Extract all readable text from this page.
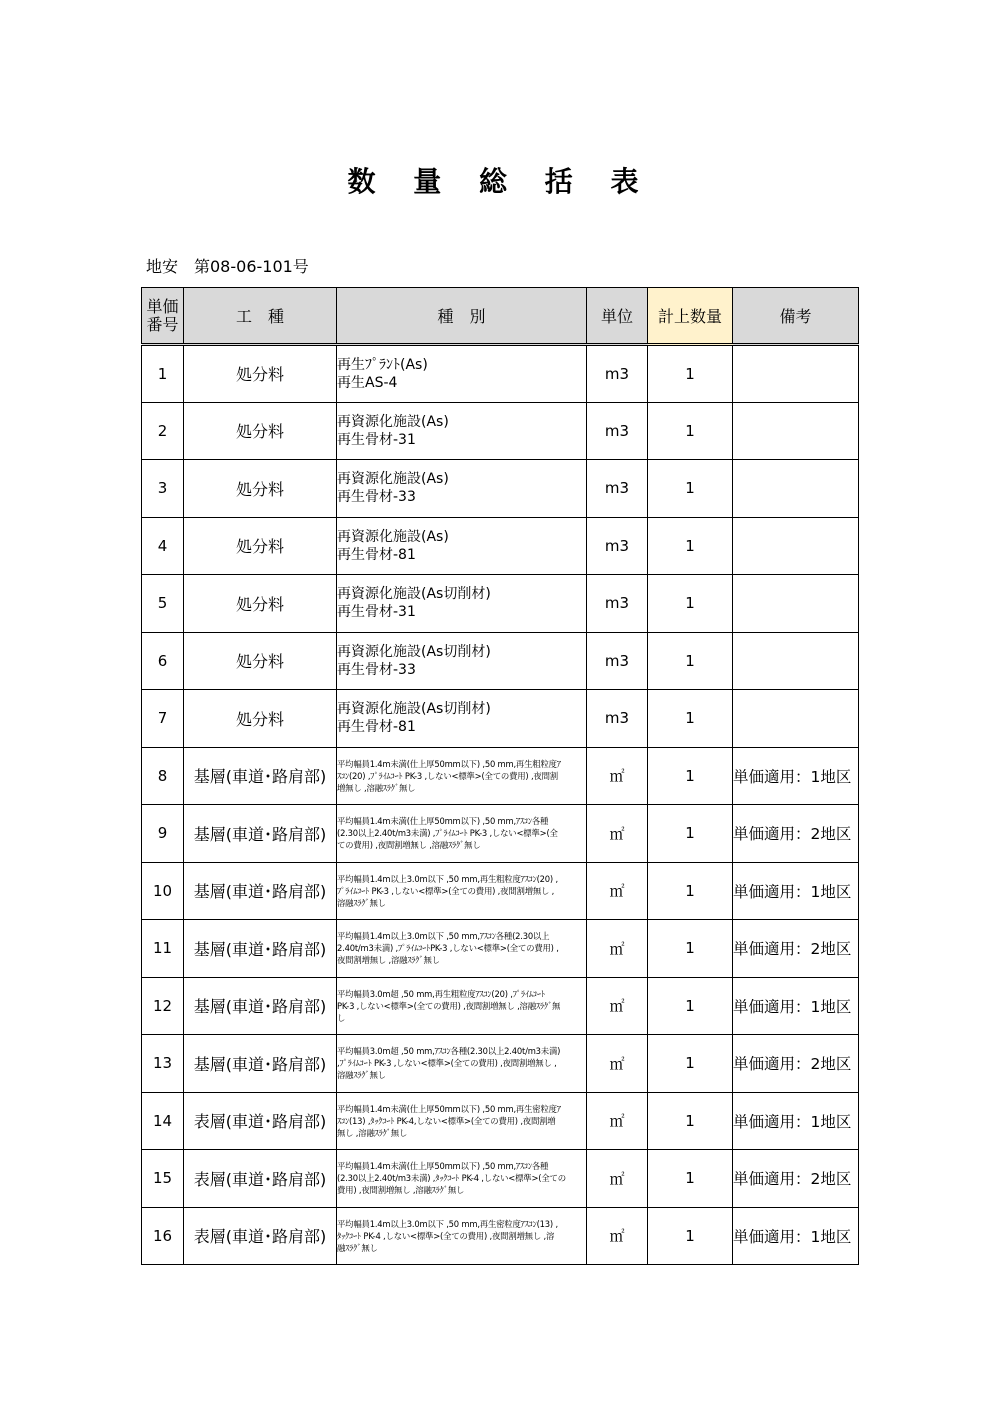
数 量 総 括 表
地安　第08-06-101号
単価
番号	工　種	種　別	単位	計上数量	備考
1	処分料	再生ﾌﾟﾗﾝﾄ(As)
再生AS-4	m3	1	
2	処分料	再資源化施設(As)
再生骨材-31	m3	1	
3	処分料	再資源化施設(As)
再生骨材-33	m3	1	
4	処分料	再資源化施設(As)
再生骨材-81	m3	1	
5	処分料	再資源化施設(As切削材)
再生骨材-31	m3	1	
6	処分料	再資源化施設(As切削材)
再生骨材-33	m3	1	
7	処分料	再資源化施設(As切削材)
再生骨材-81	m3	1	
8	基層(車道･路肩部)	平均幅員1.4m未満(仕上厚50mm以下) ,50 mm,再生粗粒度ｱ
ｽｺﾝ(20) ,ﾌﾟﾗｲﾑｺｰﾄ PK-3 ,しない<標準>(全ての費用) ,夜間割
増無し ,溶融ｽﾗｸﾞ無し	㎡	1	単価適用：1地区
9	基層(車道･路肩部)	平均幅員1.4m未満(仕上厚50mm以下) ,50 mm,ｱｽｺﾝ各種
(2.30以上2.40t/m3未満) ,ﾌﾟﾗｲﾑｺｰﾄ PK-3 ,しない<標準>(全
ての費用) ,夜間割増無し ,溶融ｽﾗｸﾞ無し	㎡	1	単価適用：2地区
10	基層(車道･路肩部)	平均幅員1.4m以上3.0m以下 ,50 mm,再生粗粒度ｱｽｺﾝ(20) ,
ﾌﾟﾗｲﾑｺｰﾄ PK-3 ,しない<標準>(全ての費用) ,夜間割増無し ,
溶融ｽﾗｸﾞ無し	㎡	1	単価適用：1地区
11	基層(車道･路肩部)	平均幅員1.4m以上3.0m以下 ,50 mm,ｱｽｺﾝ各種(2.30以上
2.40t/m3未満) ,ﾌﾟﾗｲﾑｺｰﾄPK-3 ,しない<標準>(全ての費用) ,
夜間割増無し ,溶融ｽﾗｸﾞ無し	㎡	1	単価適用：2地区
12	基層(車道･路肩部)	平均幅員3.0m超 ,50 mm,再生粗粒度ｱｽｺﾝ(20) ,ﾌﾟﾗｲﾑｺｰﾄ
PK-3 ,しない<標準>(全ての費用) ,夜間割増無し ,溶融ｽﾗｸﾞ無
し	㎡	1	単価適用：1地区
13	基層(車道･路肩部)	平均幅員3.0m超 ,50 mm,ｱｽｺﾝ各種(2.30以上2.40t/m3未満)
,ﾌﾟﾗｲﾑｺｰﾄ PK-3 ,しない<標準>(全ての費用) ,夜間割増無し ,
溶融ｽﾗｸﾞ無し	㎡	1	単価適用：2地区
14	表層(車道･路肩部)	平均幅員1.4m未満(仕上厚50mm以下) ,50 mm,再生密粒度ｱ
ｽｺﾝ(13) ,ﾀｯｸｺｰﾄ PK-4,しない<標準>(全ての費用) ,夜間割増
無し ,溶融ｽﾗｸﾞ無し	㎡	1	単価適用：1地区
15	表層(車道･路肩部)	平均幅員1.4m未満(仕上厚50mm以下) ,50 mm,ｱｽｺﾝ各種
(2.30以上2.40t/m3未満) ,ﾀｯｸｺｰﾄ PK-4 ,しない<標準>(全ての
費用) ,夜間割増無し ,溶融ｽﾗｸﾞ無し	㎡	1	単価適用：2地区
16	表層(車道･路肩部)	平均幅員1.4m以上3.0m以下 ,50 mm,再生密粒度ｱｽｺﾝ(13) ,
ﾀｯｸｺｰﾄ PK-4 ,しない<標準>(全ての費用) ,夜間割増無し ,溶
融ｽﾗｸﾞ無し	㎡	1	単価適用：1地区
